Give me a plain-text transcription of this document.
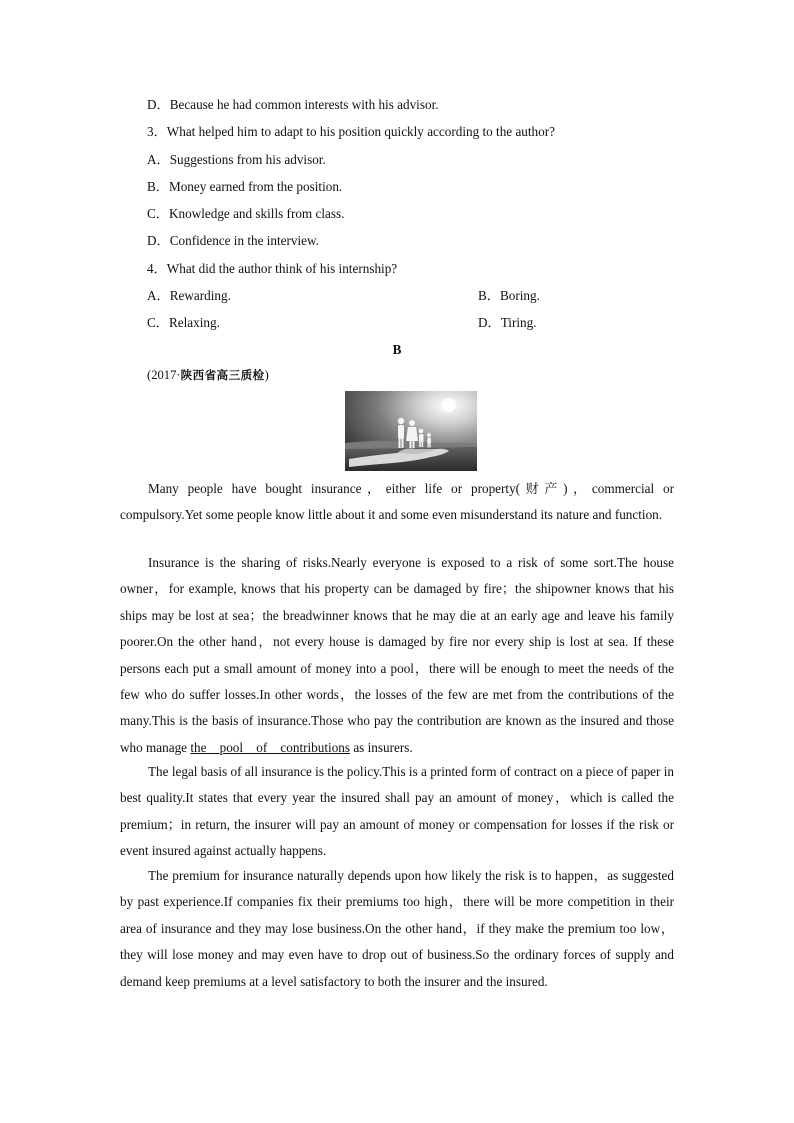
D．Because he had common interests with his advisor.
3．What helped him to adapt to his position quickly according to the author?
A．Suggestions from his advisor.
B．Money earned from the position.
C．Knowledge and skills from class.
D．Confidence in the interview.
4．What did the author think of his internship?
A．Rewarding.	B．Boring.
C．Relaxing.	D．Tiring.
B
(2017·陕西省高三质检)

Many people have bought insurance，either life or property(财产)，commercial or compulsory.Yet some people know little about it and some even misunderstand its nature and function.

Insurance is the sharing of risks.Nearly everyone is exposed to a risk of some sort.The house owner，for example, knows that his property can be damaged by fire；the shipowner knows that his ships may be lost at sea；the breadwinner knows that he may die at an early age and leave his family poorer.On the other hand，not every house is damaged by fire nor every ship is lost at sea. If these persons each put a small amount of money into a pool，there will be enough to meet the needs of the few who do suffer losses.In other words，the losses of the few are met from the contributions of the many.This is the basis of insurance.Those who pay the contribution are known as the insured and those who manage the　pool　of　contributions as insurers.

The legal basis of all insurance is the policy.This is a printed form of contract on a piece of paper in best quality.It states that every year the insured shall pay an amount of money，which is called the premium；in return, the insurer will pay an amount of money or compensation for losses if the risk or event insured against actually happens.

The premium for insurance naturally depends upon how likely the risk is to happen，as suggested by past experience.If companies fix their premiums too high，there will be more competition in their area of insurance and they may lose business.On the other hand，if they make the premium too low，they will lose money and may even have to drop out of business.So the ordinary forces of supply and demand keep premiums at a level satisfactory to both the insurer and the insured.
